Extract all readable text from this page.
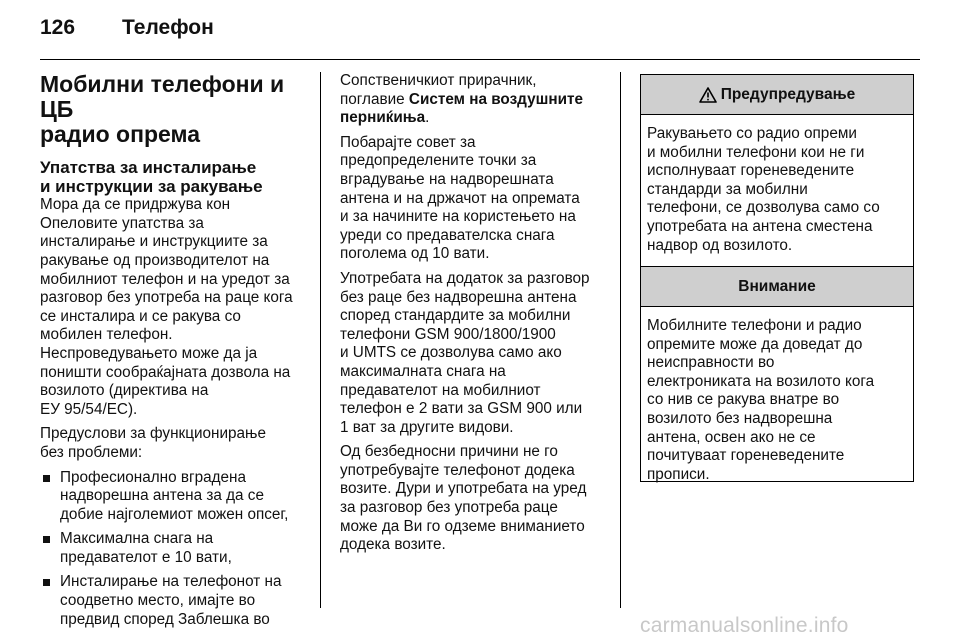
126 Телефон
Мобилни телефони и ЦБ
радио опрема
Упатства за инсталирање
и инструкции за ракување

Мора да се придржува кон
Опеловите упатства за
инсталирање и инструкциите за
ракување од производителот на
мобилниот телефон и на уредот за
разговор без употреба на раце кога
се инсталира и се ракува со
мобилен телефон.
Неспроведувањето може да ја
поништи сообраќајната дозвола на
возилото (директива на
ЕУ 95/54/ЕС).

Предуслови за функционирање
без проблеми:

Професионално вградена
надворешна антена за да се
добие најголемиот можен опсег,
Максимална снага на
предавателот е 10 вати,
Инсталирање на телефонот на
соодветно место, имајте во
предвид според Заблешка во

Сопственичкиот прирачник,
поглавие Систем на воздушните
перниќиња.

Побарајте совет за
предопределените точки за
вградување на надворешната
антена и на држачот на опремата
и за начините на користењето на
уреди со предавателска снага
поголема од 10 вати.

Употребата на додаток за разговор
без раце без надворешна антена
според стандардите за мобилни
телефони GSM 900/1800/1900
и UMTS се дозволува само ако
максималната снага на
предавателот на мобилниот
телефон е 2 вати за GSM 900 или
1 ват за другите видови.

Од безбедносни причини не го
употребувајте телефонот додека
возите. Дури и употребата на уред
за разговор без употреба раце
може да Ви го одземе вниманието
додека возите.

Предупредување
Ракувањето со радио опреми
и мобилни телефони кои не ги
исполнуваат гореневедените
стандарди за мобилни
телефони, се дозволува само со
употребата на антена сместена
надвор од возилото.
Внимание
Мобилните телефони и радио
опремите може да доведат до
неисправности во
електрониката на возилото кога
со нив се ракува внатре во
возилото без надворешна
антена, освен ако не се
почитуваат гореневедените
прописи.
carmanualsonline.info
